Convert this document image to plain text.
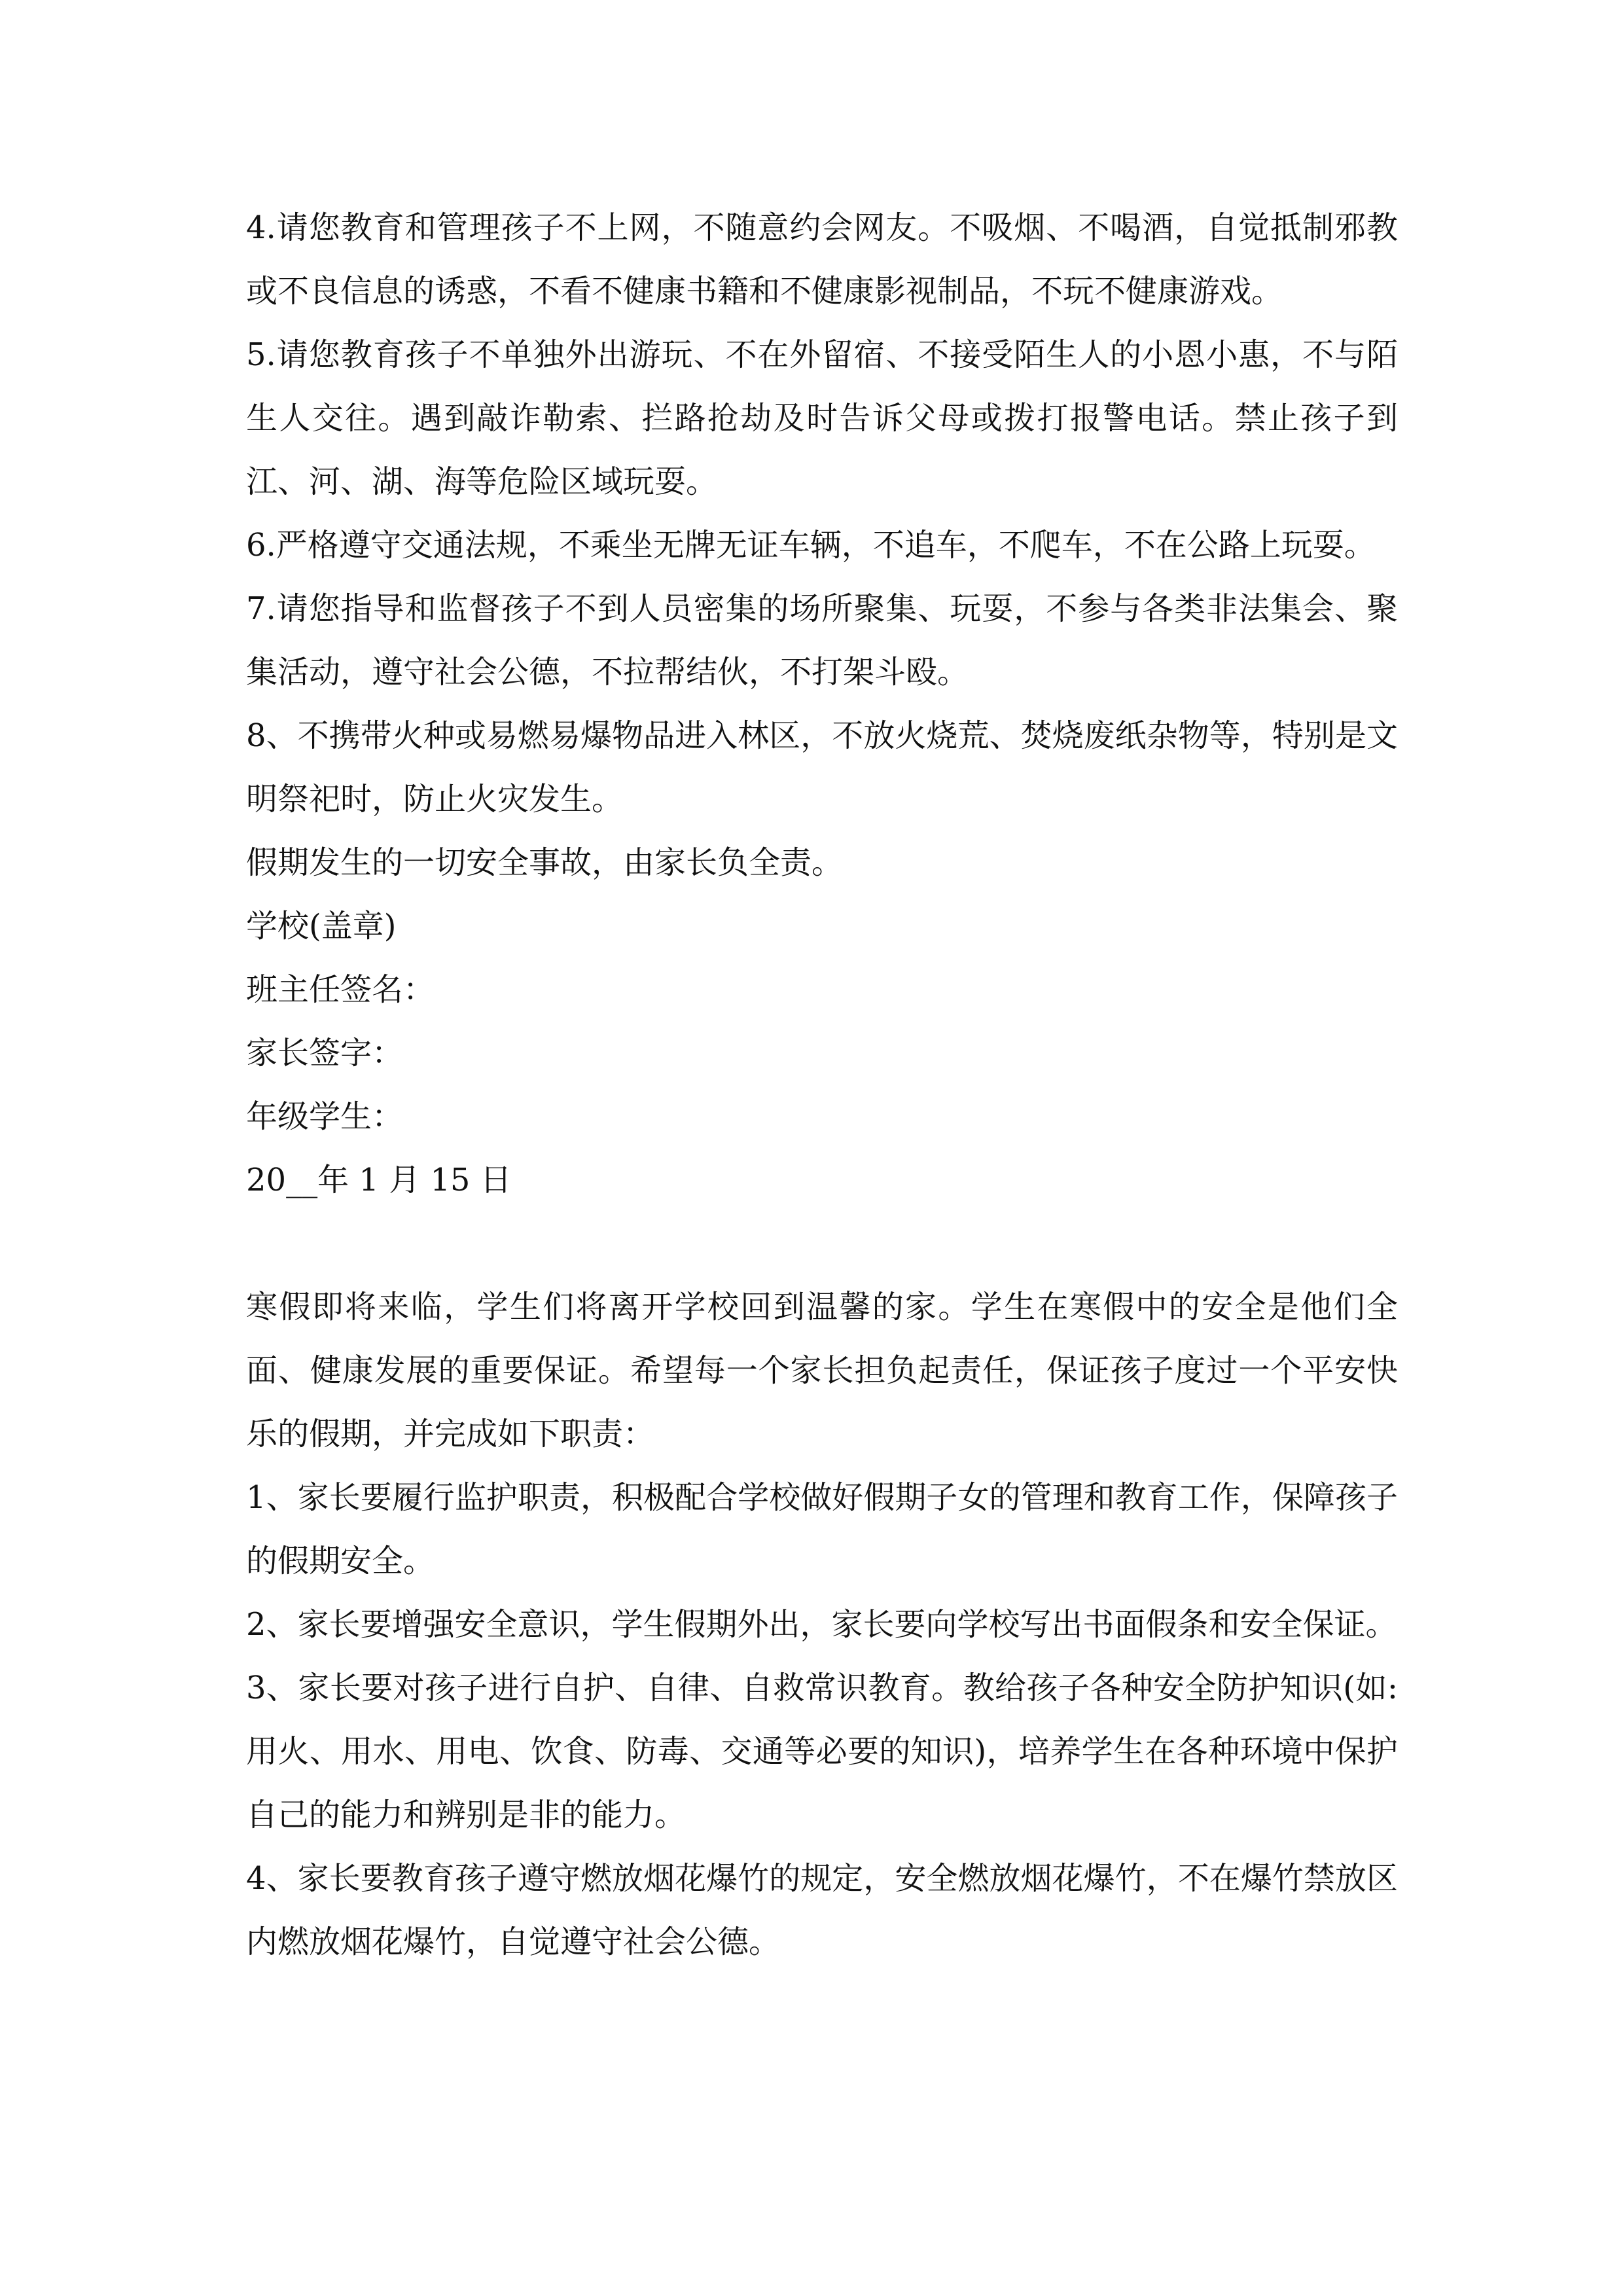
4.请您教育和管理孩子不上网，不随意约会网友。不吸烟、不喝酒，自觉抵制邪教或不良信息的诱惑，不看不健康书籍和不健康影视制品，不玩不健康游戏。

5.请您教育孩子不单独外出游玩、不在外留宿、不接受陌生人的小恩小惠，不与陌生人交往。遇到敲诈勒索、拦路抢劫及时告诉父母或拨打报警电话。禁止孩子到江、河、湖、海等危险区域玩耍。

6.严格遵守交通法规，不乘坐无牌无证车辆，不追车，不爬车，不在公路上玩耍。

7.请您指导和监督孩子不到人员密集的场所聚集、玩耍，不参与各类非法集会、聚集活动，遵守社会公德，不拉帮结伙，不打架斗殴。

8、不携带火种或易燃易爆物品进入林区，不放火烧荒、焚烧废纸杂物等，特别是文明祭祀时，防止火灾发生。

假期发生的一切安全事故，由家长负全责。

学校(盖章)

班主任签名：

家长签字：

年级学生：

20__年 1 月 15 日

寒假即将来临，学生们将离开学校回到温馨的家。学生在寒假中的安全是他们全面、健康发展的重要保证。希望每一个家长担负起责任，保证孩子度过一个平安快乐的假期，并完成如下职责：

1、家长要履行监护职责，积极配合学校做好假期子女的管理和教育工作，保障孩子的假期安全。

2、家长要增强安全意识，学生假期外出，家长要向学校写出书面假条和安全保证。

3、家长要对孩子进行自护、自律、自救常识教育。教给孩子各种安全防护知识(如:用火、用水、用电、饮食、防毒、交通等必要的知识)，培养学生在各种环境中保护自己的能力和辨别是非的能力。

4、家长要教育孩子遵守燃放烟花爆竹的规定，安全燃放烟花爆竹，不在爆竹禁放区内燃放烟花爆竹，自觉遵守社会公德。
